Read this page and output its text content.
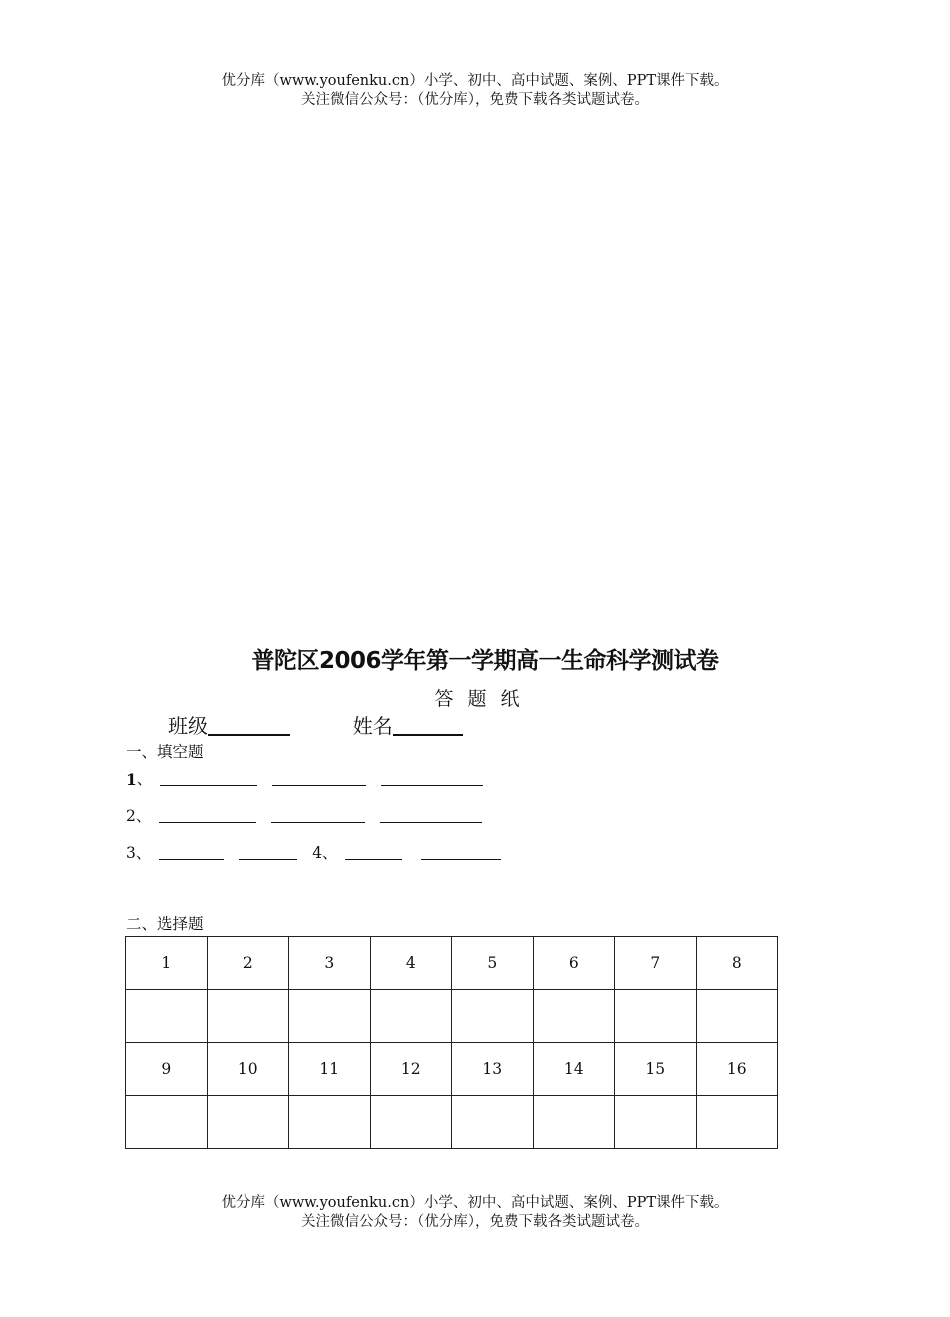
优分库（www.youfenku.cn）小学、初中、高中试题、案例、PPT课件下载。
关注微信公众号：（优分库），免费下载各类试题试卷。
普陀区2006学年第一学期高一生命科学测试卷
答 题 纸
班级	姓名
一、填空题
1、
2、
3、	4、
二、选择题
1	2	3	4	5	6	7	8

9	10	11	12	13	14	15	16

优分库（www.youfenku.cn）小学、初中、高中试题、案例、PPT课件下载。
关注微信公众号：（优分库），免费下载各类试题试卷。
